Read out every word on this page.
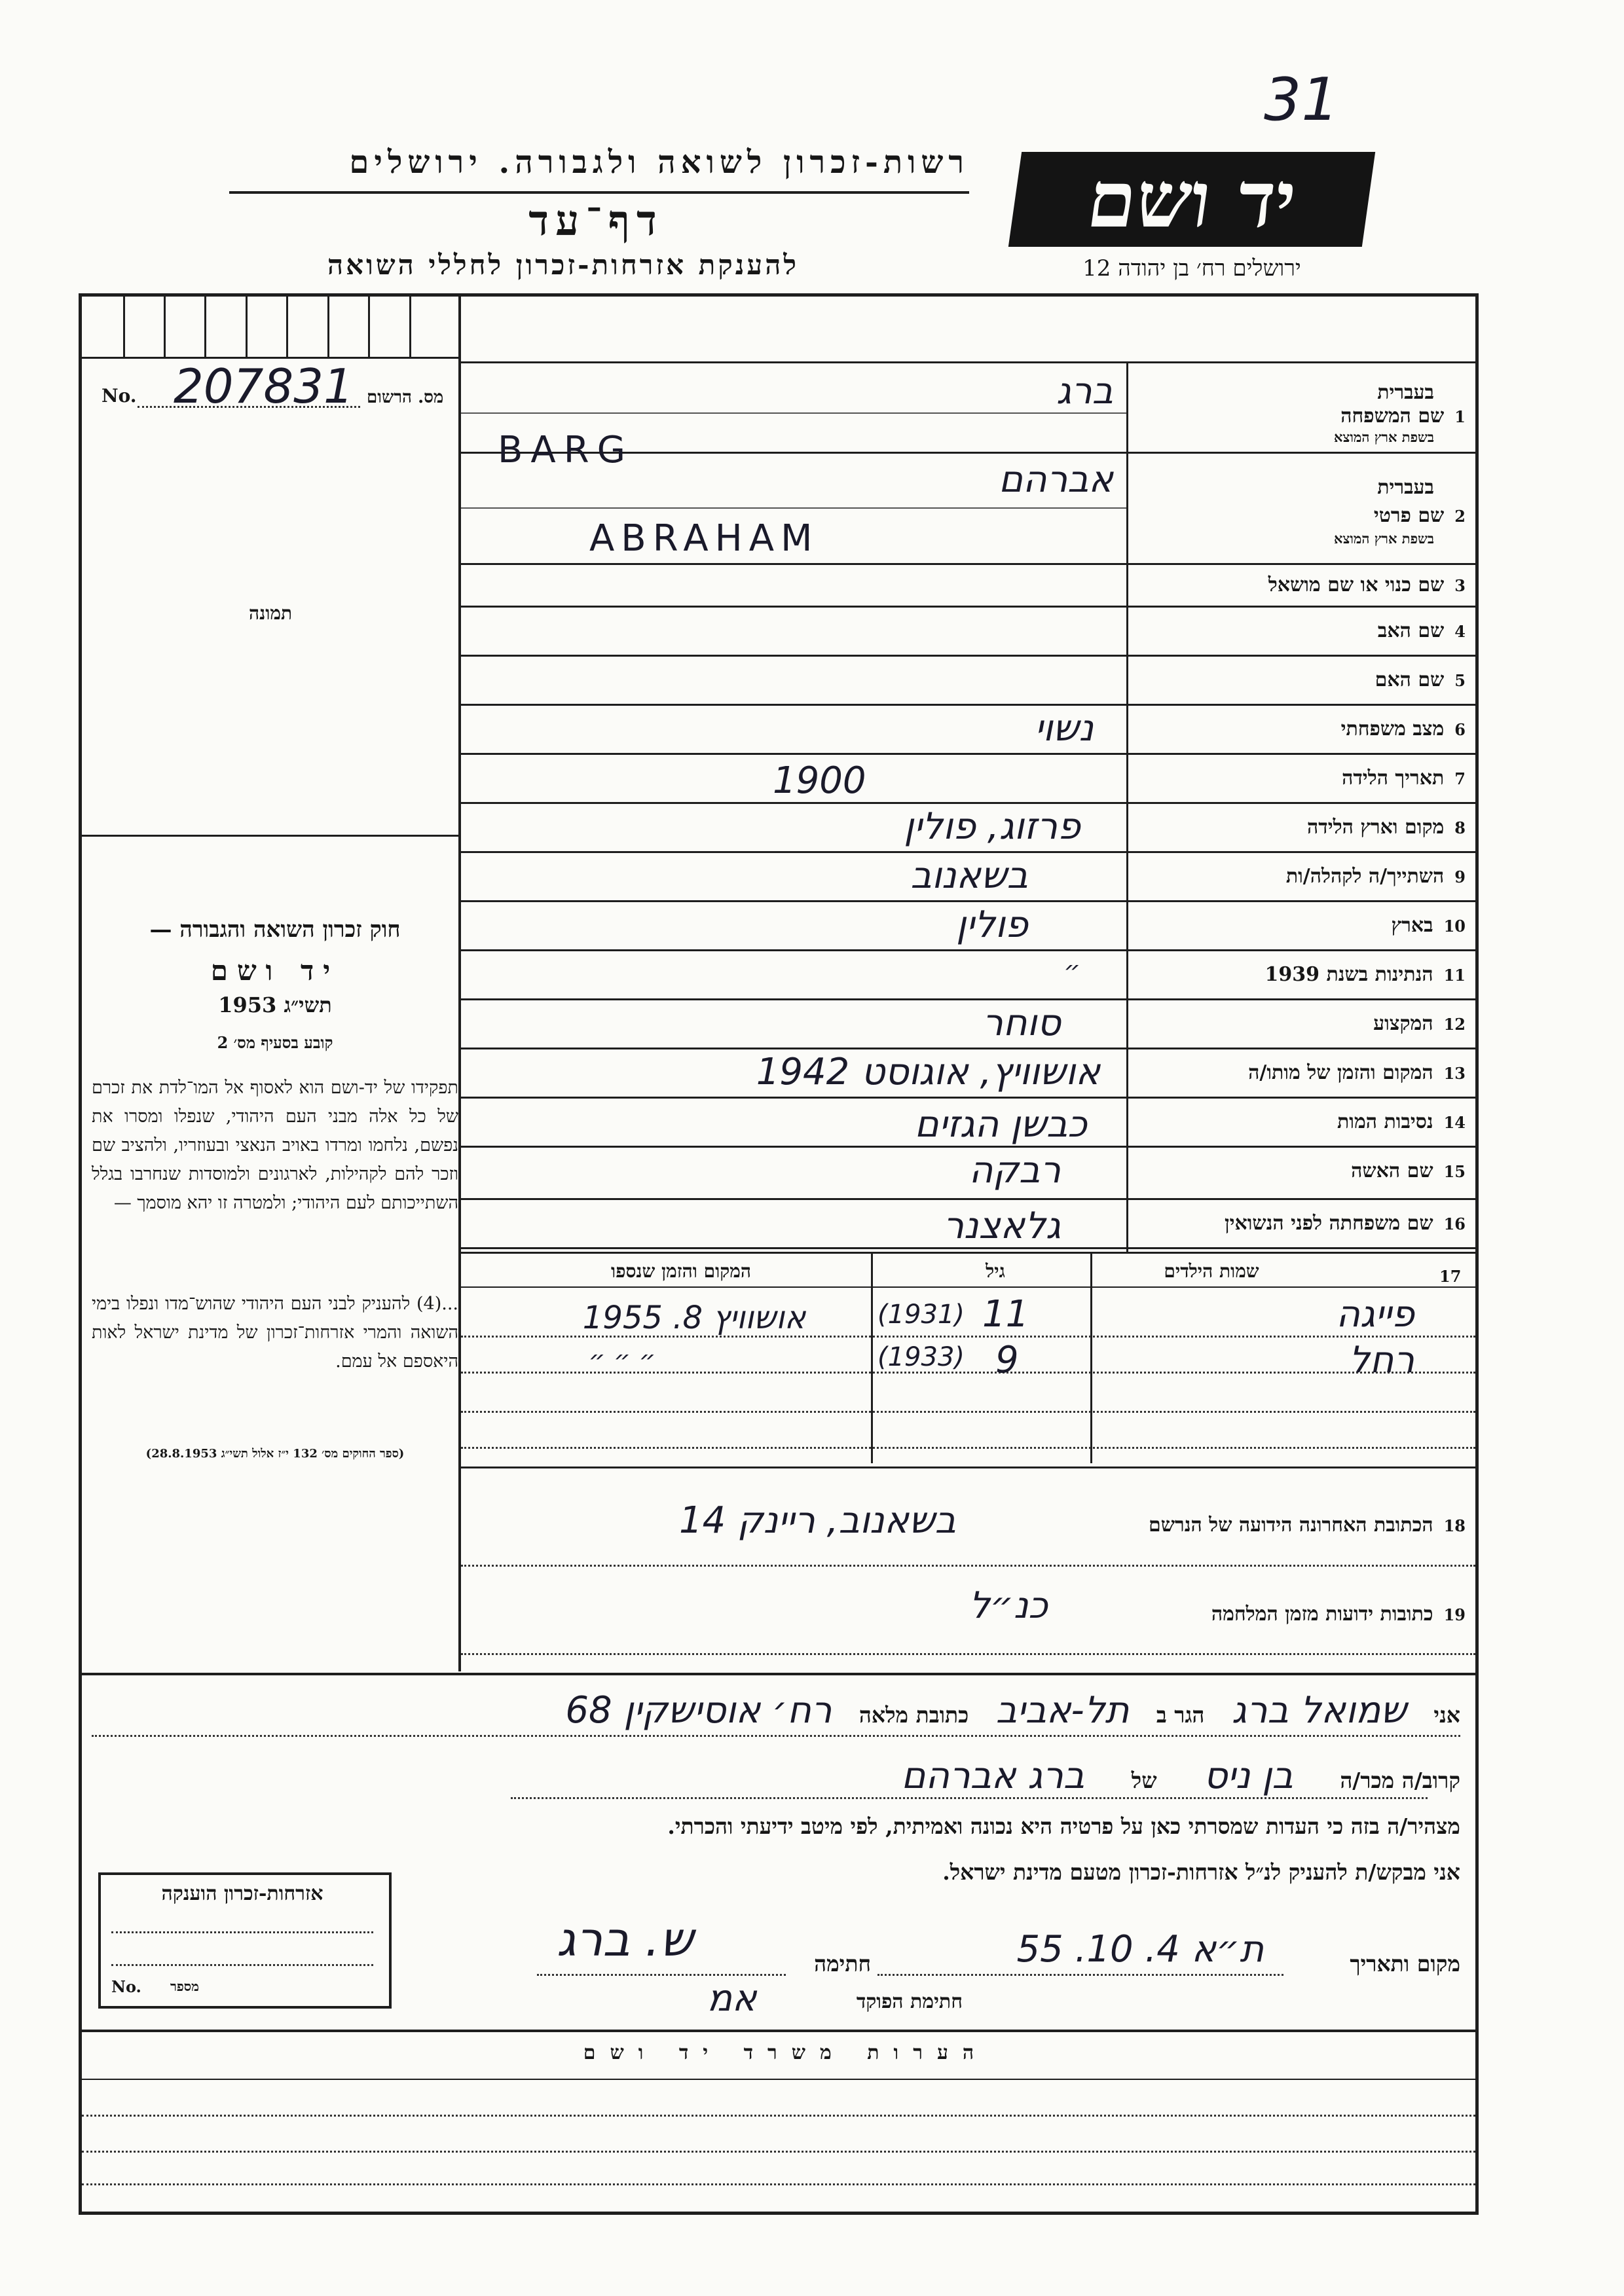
31
יד ושם
ירושלים רח׳ בן יהודה 12
רשות-זכרון לשואה ולגבורה. ירושלים
דף־עד
להענקת אזרחות-זכרון לחללי השואה
No. 207831 מס. הרשום
תמונה
חוק זכרון השואה והגבורה —
יד ושם
תשי״ג 1953
קובע בסעיף מס׳ 2
תפקידו של יד-ושם הוא לאסוף אל המו־לדת את זכרם של כל אלה מבני העם היהודי, שנפלו ומסרו את נפשם, נלחמו ומרדו באויב הנאצי ובעוזריו, ולהציב שם וזכר להם לקהילות, לארגונים ולמוסדות שנחרבו בגלל השתייכותם לעם היהודי; ולמטרה זו יהא מוסמך —
...(4) להעניק לבני העם היהודי שהוש־מדו ונפלו בימי השואה והמרי אזרחות־זכרון של מדינת ישראל לאות היאספם אל עמם.
(ספר החוקים מס׳ 132 י״ז אלול תשי״ג 28.8.1953)
1שם המשפחה
בעברית
בשפת ארץ המוצא
ברג
BARG
2שם פרטי
בעברית
בשפת ארץ המוצא
אברהם
ABRAHAM
3שם כנוי או שם מושאל
4שם האב
5שם האם
6מצב משפחתי
נשוי
7תאריך הלידה
1900
8מקום וארץ הלידה
פרזוג, פולין
9השתייך/ה לקהלה/ות
בשאנוב
10בארץ
פולין
11הנתינות בשנת 1939
״
12המקצוע
סוחר
13המקום והזמן של מותו/ה
אושוויץ, אוגוסט 1942
14נסיבות המות
כבשן הגזים
15שם האשה
רבקה
16שם משפחתה לפני הנשואין
גלאצנר
שמות הילדים	17
גיל
המקום והזמן שנספו
פייגה
11
(1931)
אושוויץ 8. 1955
רחל
9
(1933)
״ ״ ״
18הכתובת האחרונה הידועה של הנרשם
בשאנוב, ריינק 14
19כתובות ידועות מזמן המלחמה
כנ״ל
אני שמואל ברג הגר ב תל-אביב כתובת מלאה רח׳ אוסישקין 68
קרוב/ה מכר/ה בן ניס של ברג אברהם
מצהיר/ה בזה כי העדות שמסרתי כאן על פרטיה היא נכונה ואמיתית, לפי מיטב ידיעתי והכרתי.
אני מבקש/ת להעניק לנ״ל אזרחות-זכרון מטעם מדינת ישראל.
מקום ותאריך
ת״א 4. 10. 55
חתימה
ש. ברג
חתימת הפוקד
אמ
אזרחות-זכרון הוענקה
No. מספר
הערות משרד יד ושם
